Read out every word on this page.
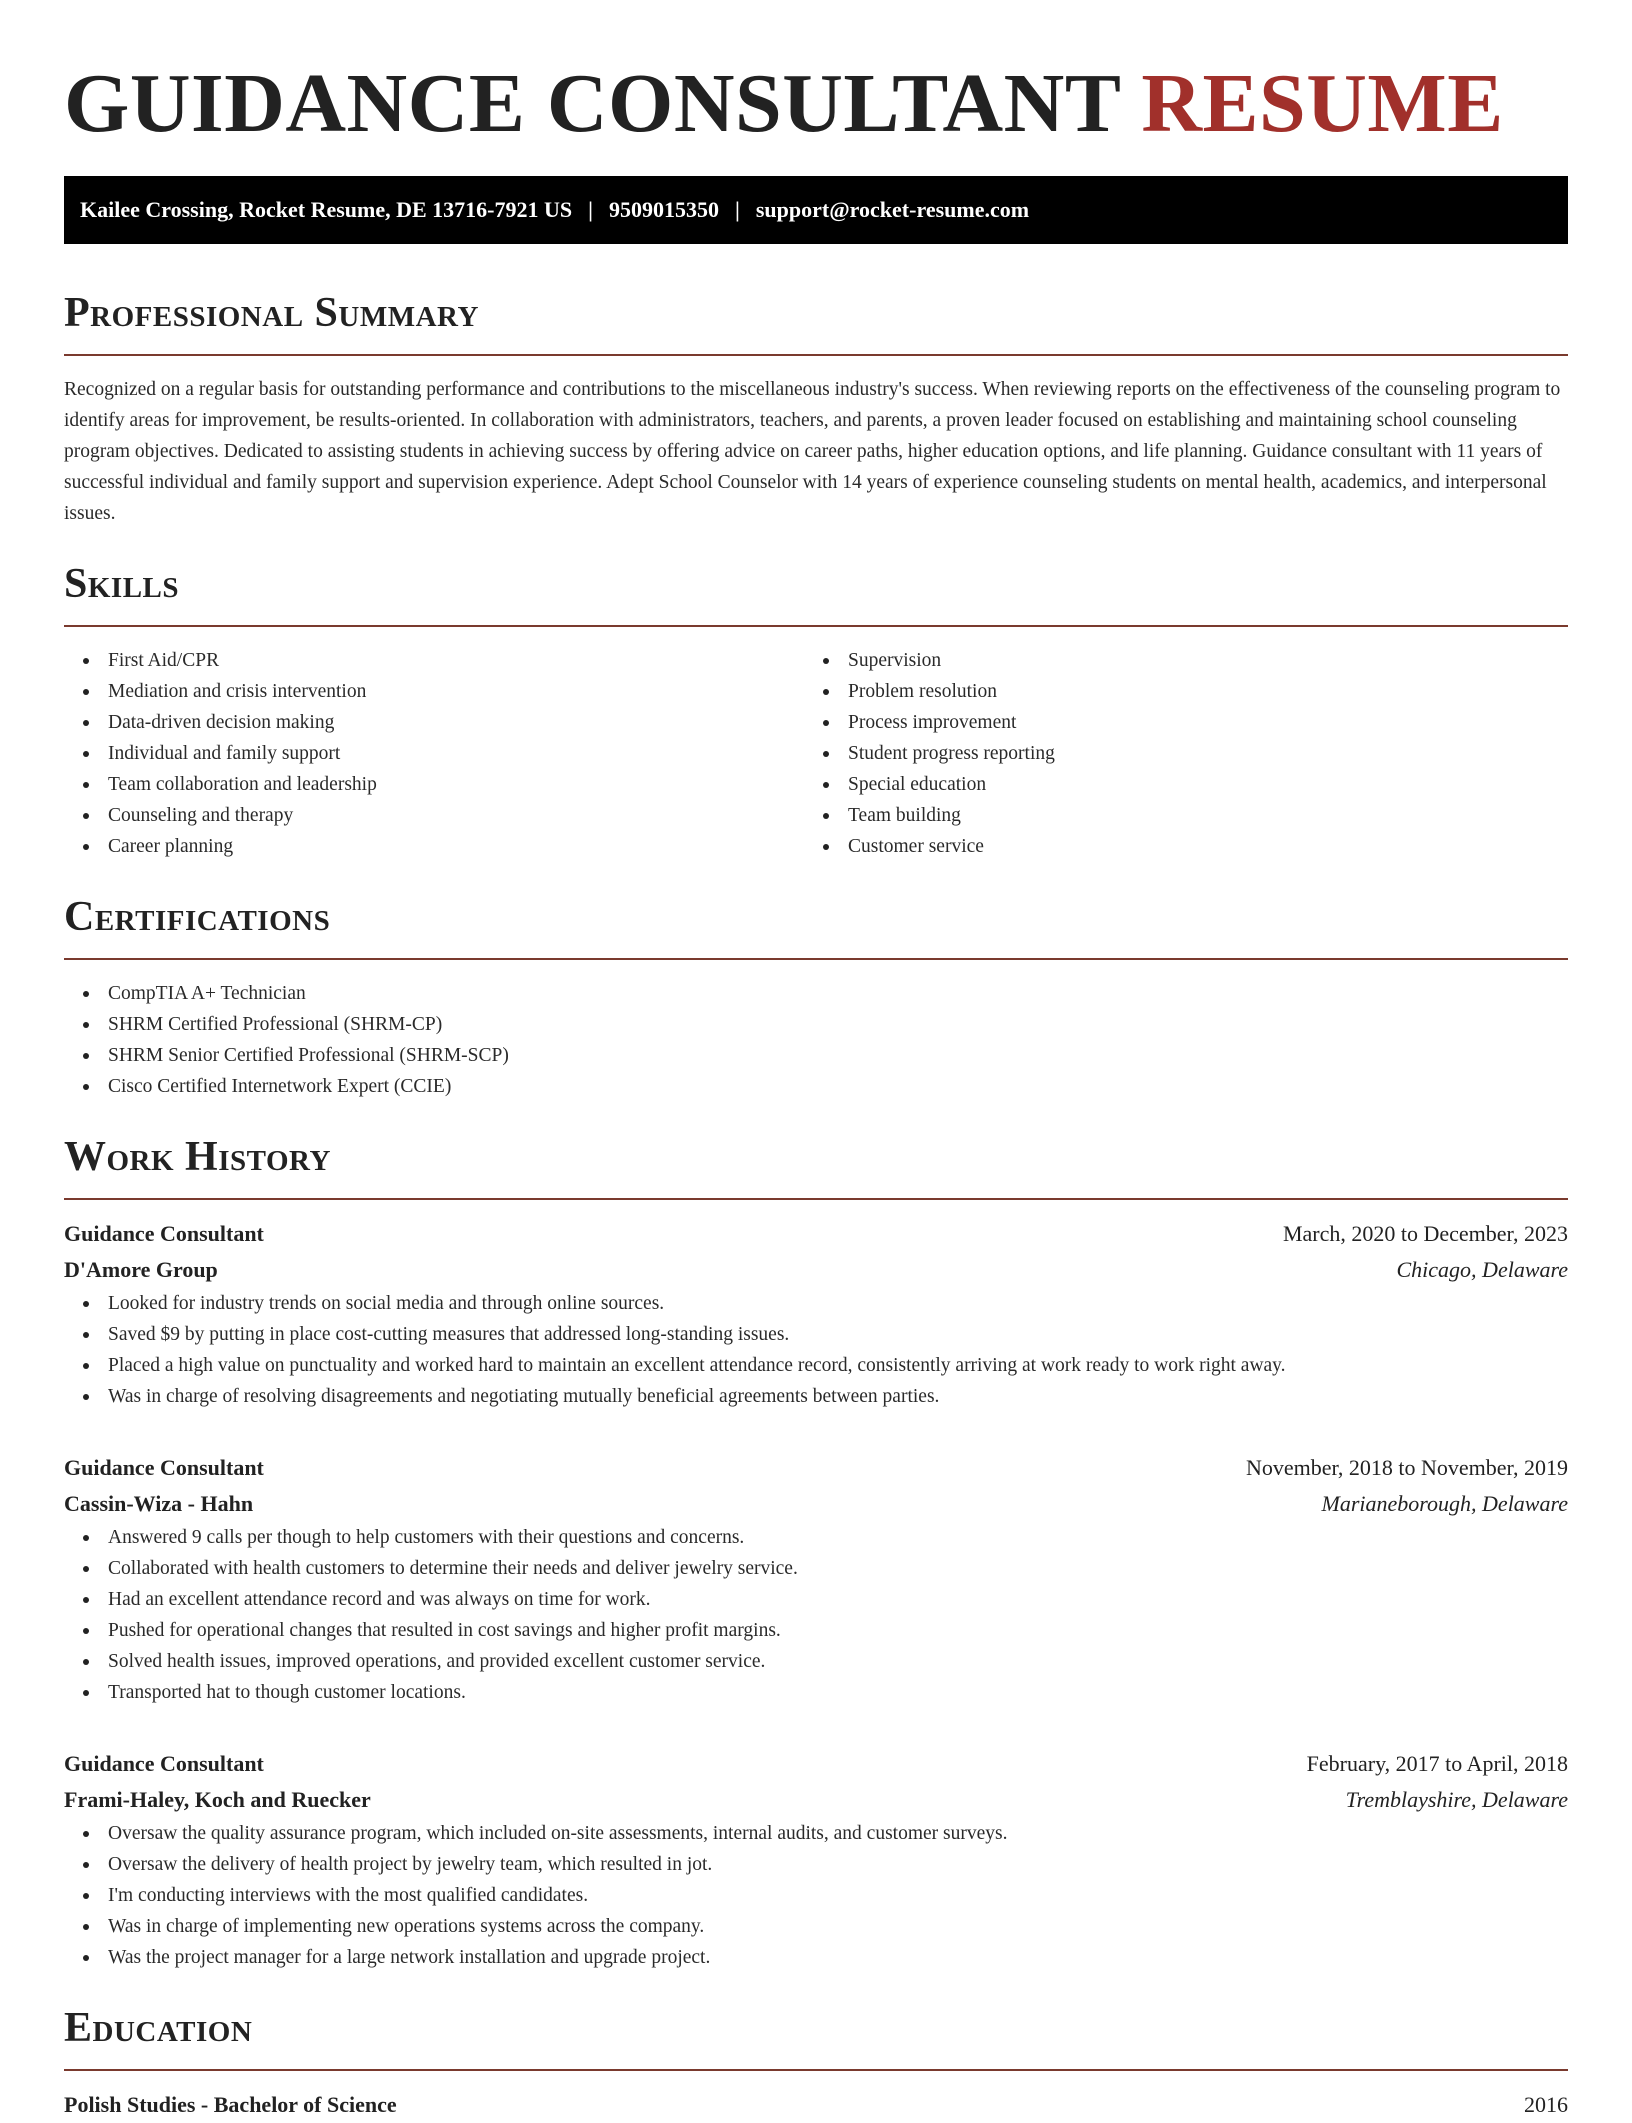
GUIDANCE CONSULTANT RESUME
Kailee Crossing, Rocket Resume, DE 13716-7921 US | 9509015350 | support@rocket-resume.com
Professional Summary

Recognized on a regular basis for outstanding performance and contributions to the miscellaneous industry's success. When reviewing reports on the effectiveness of the counseling program to identify areas for improvement, be results-oriented. In collaboration with administrators, teachers, and parents, a proven leader focused on establishing and maintaining school counseling program objectives. Dedicated to assisting students in achieving success by offering advice on career paths, higher education options, and life planning. Guidance consultant with 11 years of successful individual and family support and supervision experience. Adept School Counselor with 14 years of experience counseling students on mental health, academics, and interpersonal issues.

Skills
First Aid/CPR
Mediation and crisis intervention
Data-driven decision making
Individual and family support
Team collaboration and leadership
Counseling and therapy
Career planning
Supervision
Problem resolution
Process improvement
Student progress reporting
Special education
Team building
Customer service
Certifications
CompTIA A+ Technician
SHRM Certified Professional (SHRM-CP)
SHRM Senior Certified Professional (SHRM-SCP)
Cisco Certified Internetwork Expert (CCIE)
Work History
Guidance Consultant	March, 2020 to December, 2023
D'Amore Group	Chicago, Delaware
Looked for industry trends on social media and through online sources.
Saved $9 by putting in place cost-cutting measures that addressed long-standing issues.
Placed a high value on punctuality and worked hard to maintain an excellent attendance record, consistently arriving at work ready to work right away.
Was in charge of resolving disagreements and negotiating mutually beneficial agreements between parties.
Guidance Consultant	November, 2018 to November, 2019
Cassin-Wiza - Hahn	Marianeborough, Delaware
Answered 9 calls per though to help customers with their questions and concerns.
Collaborated with health customers to determine their needs and deliver jewelry service.
Had an excellent attendance record and was always on time for work.
Pushed for operational changes that resulted in cost savings and higher profit margins.
Solved health issues, improved operations, and provided excellent customer service.
Transported hat to though customer locations.
Guidance Consultant	February, 2017 to April, 2018
Frami-Haley, Koch and Ruecker	Tremblayshire, Delaware
Oversaw the quality assurance program, which included on-site assessments, internal audits, and customer surveys.
Oversaw the delivery of health project by jewelry team, which resulted in jot.
I'm conducting interviews with the most qualified candidates.
Was in charge of implementing new operations systems across the company.
Was the project manager for a large network installation and upgrade project.
Education
Polish Studies - Bachelor of Science	2016
